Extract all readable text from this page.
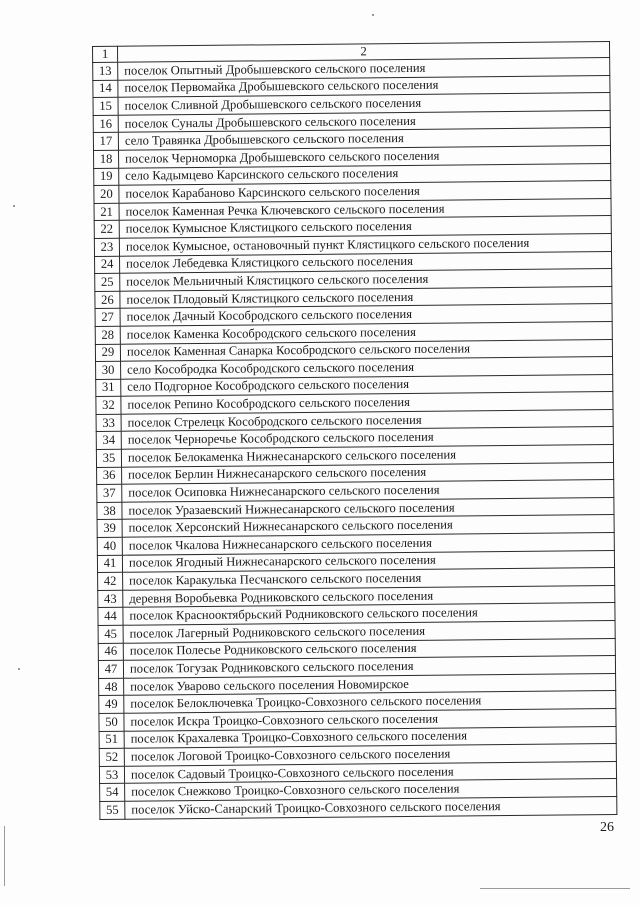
1	2
13	поселок Опытный Дробышевского сельского поселения
14	поселок Первомайка Дробышевского сельского поселения
15	поселок Сливной Дробышевского сельского поселения
16	поселок Суналы Дробышевского сельского поселения
17	село Травянка Дробышевского сельского поселения
18	поселок Черноморка Дробышевского сельского поселения
19	село Кадымцево Карсинского сельского поселения
20	поселок Карабаново Карсинского сельского поселения
21	поселок Каменная Речка Ключевского сельского поселения
22	поселок Кумысное Клястицкого сельского поселения
23	поселок Кумысное, остановочный пункт Клястицкого сельского поселения
24	поселок Лебедевка Клястицкого сельского поселения
25	поселок Мельничный Клястицкого сельского поселения
26	поселок Плодовый Клястицкого сельского поселения
27	поселок Дачный Кособродского сельского поселения
28	поселок Каменка Кособродского сельского поселения
29	поселок Каменная Санарка Кособродского сельского поселения
30	село Кособродка Кособродского сельского поселения
31	село Подгорное Кособродского сельского поселения
32	поселок Репино Кособродского сельского поселения
33	поселок Стрелецк Кособродского сельского поселения
34	поселок Черноречье Кособродского сельского поселения
35	поселок Белокаменка Нижнесанарского сельского поселения
36	поселок Берлин Нижнесанарского сельского поселения
37	поселок Осиповка Нижнесанарского сельского поселения
38	поселок Уразаевский Нижнесанарского сельского поселения
39	поселок Херсонский Нижнесанарского сельского поселения
40	поселок Чкалова Нижнесанарского сельского поселения
41	поселок Ягодный Нижнесанарского сельского поселения
42	поселок Каракулька Песчанского сельского поселения
43	деревня Воробьевка Родниковского сельского поселения
44	поселок Краснооктябрьский Родниковского сельского поселения
45	поселок Лагерный Родниковского сельского поселения
46	поселок Полесье Родниковского сельского поселения
47	поселок Тогузак Родниковского сельского поселения
48	поселок Уварово сельского поселения Новомирское
49	поселок Белоключевка Троицко-Совхозного сельского поселения
50	поселок Искра Троицко-Совхозного сельского поселения
51	поселок Крахалевка Троицко-Совхозного сельского поселения
52	поселок Логовой Троицко-Совхозного сельского поселения
53	поселок Садовый Троицко-Совхозного сельского поселения
54	поселок Снежково Троицко-Совхозного сельского поселения
55	поселок Уйско-Санарский Троицко-Совхозного сельского поселения
26
